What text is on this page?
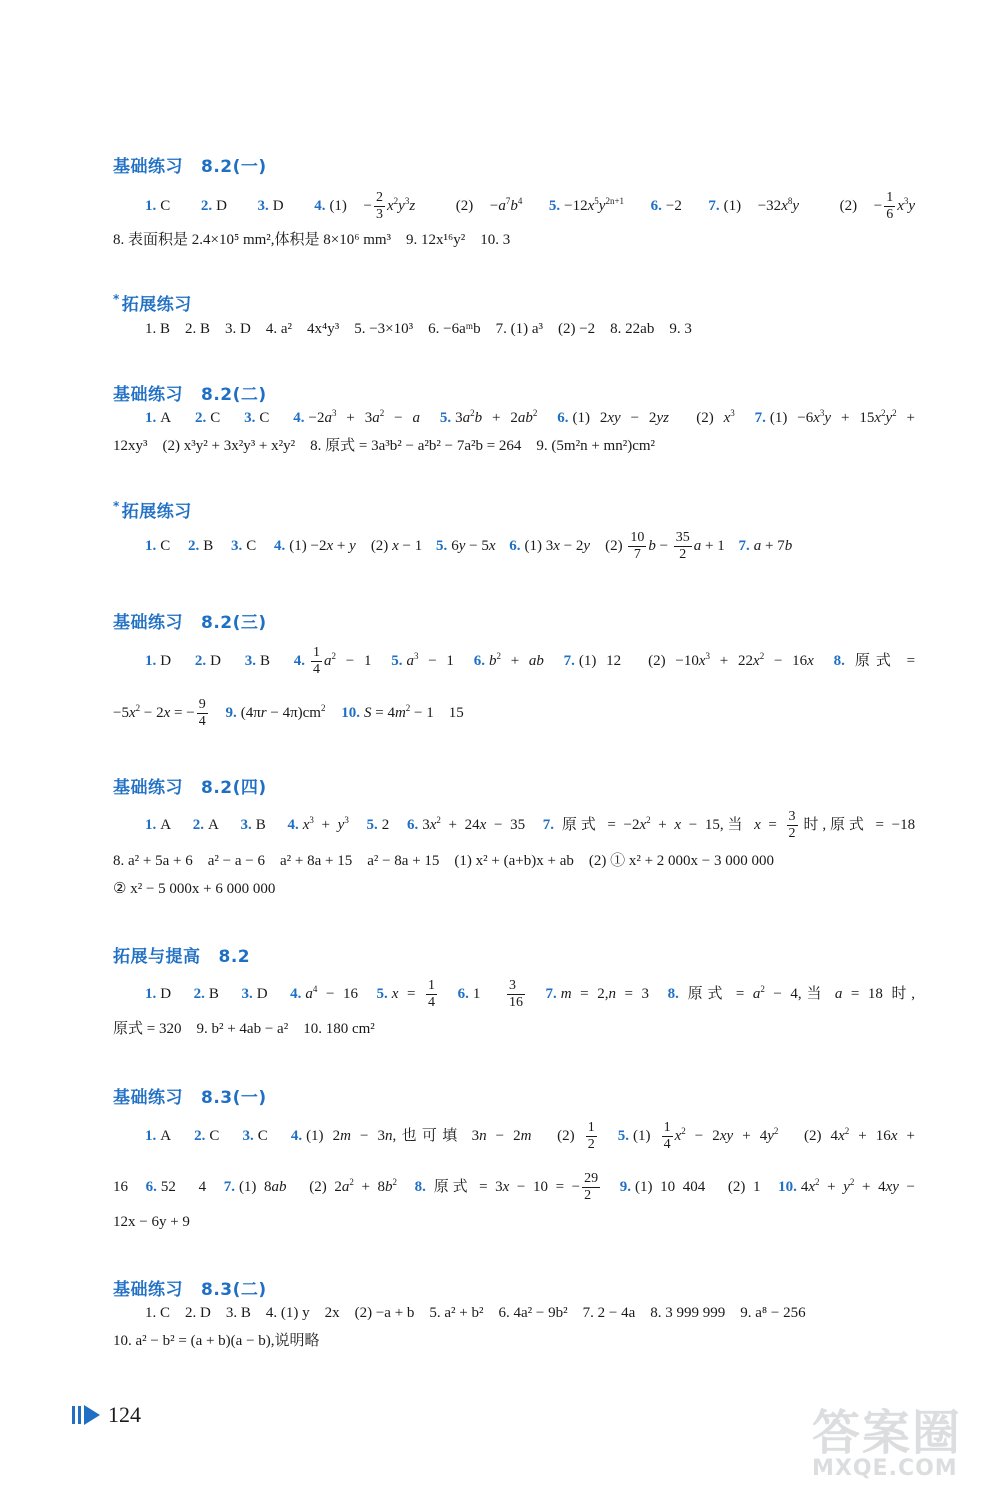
基础练习 8.2(一)
1. C 2. D 3. D 4. $(1) - \frac{2}{3} x^2y^3z$　$(2) -a^7b^4$ 5. $-12x^5y^{2n+1}$ 6. −2 7. $(1) -32x^8y$　$(2) - \frac{1}{6} x^3y$
8. 表面积是 2.4×10⁵ mm²,体积是 8×10⁶ mm³　9. 12x¹⁶y²　10. 3
* 拓展练习
1. B　2. B　3. D　4. a²　4x⁴y³　5. −3×10³　6. −6aᵐb　7. (1) a³　(2) −2　8. 22ab　9. 3
基础练习 8.2(二)
1. A 2. C 3. C 4. $-2a^3 + 3a^2 - a$ 5. $3a^2b + 2ab^2$ 6. (1) 2xy − 2yz　(2) $x^3$ 7. $(1) -6x^3y + 15x^2y^2$ +
12xy³　(2) x³y² + 3x²y³ + x²y²　8. 原式 = 3a³b² − a²b² − 7a²b = 264　9. (5m²n + mn²)cm²
* 拓展练习
1. C 2. B 3. C 4. (1) −2x + y　(2) x − 1 5. 6y − 5x 6. (1) 3x − 2y　$(2) \frac{10}{7}$ $b - \frac{35}{2}$ a + 1 7. a + 7b
基础练习 8.2(三)
1. D 2. D 3. B 4. $\frac{1}{4} a^2 - 1$ 5. $a^3 - 1$ 6. $b^2$ + ab 7. (1) 12　$(2) -10x^3 + 22x^2 - 16x$ 8. 原式 =
$-5x^2 - 2x$ = − $\frac{9}{4} 9$. $(4\pi r - 4\pi)cm^2$ 10. $S = 4m^2 - 1$　15
基础练习 8.2(四)
1. A 2. A 3. B 4. $x^3 + y^3$ 5. 2 6. $3x^2 + 24x - 35$ 7. 原式 = $-2x^2 + x - 15$,当 $x = \frac{3}{2}$ 时,原式 = −18
8. a² + 5a + 6　a² − a − 6　a² + 8a + 15　a² − 8a + 15　(1) x² + (a+b)x + ab　(2) ① x² + 2 000x − 3 000 000
② x² − 5 000x + 6 000 000
拓展与提高 8.2
1. D 2. B 3. D 4. $a^4 - 16$ 5. $x = \frac{1}{4} 6$. 1　 $\frac{3}{16} 7$. m = 2,n = 3 8. 原式 = $a^2 - 4$,当 a = 18 时,
原式 = 320　9. b² + 4ab − a²　10. 180 cm²
基础练习 8.3(一)
1. A 2. C 3. C 4. (1) 2m − 3n,也可填 3n − 2m　$(2) \frac{1}{2} 5$. $(1) \frac{1}{4} x^2 - 2xy + 4y^2$　(2) $4x^2 + 16x$ +
16 6. 52　4 7. (1) 8ab　(2) $2a^2 + 8b^2$ 8. 原式 = 3x − 10 = − $\frac{29}{2} 9$. (1) 10 404　(2) 1 10. $4x^2 + y^2 + 4xy$ −
12x − 6y + 9
基础练习 8.3(二)
1. C　2. D　3. B　4. (1) y　2x　(2) −a + b　5. a² + b²　6. 4a² − 9b²　7. 2 − 4a　8. 3 999 999　9. a⁸ − 256
10. a² − b² = (a + b)(a − b),说明略
124	答案圈
MXQE.COM
